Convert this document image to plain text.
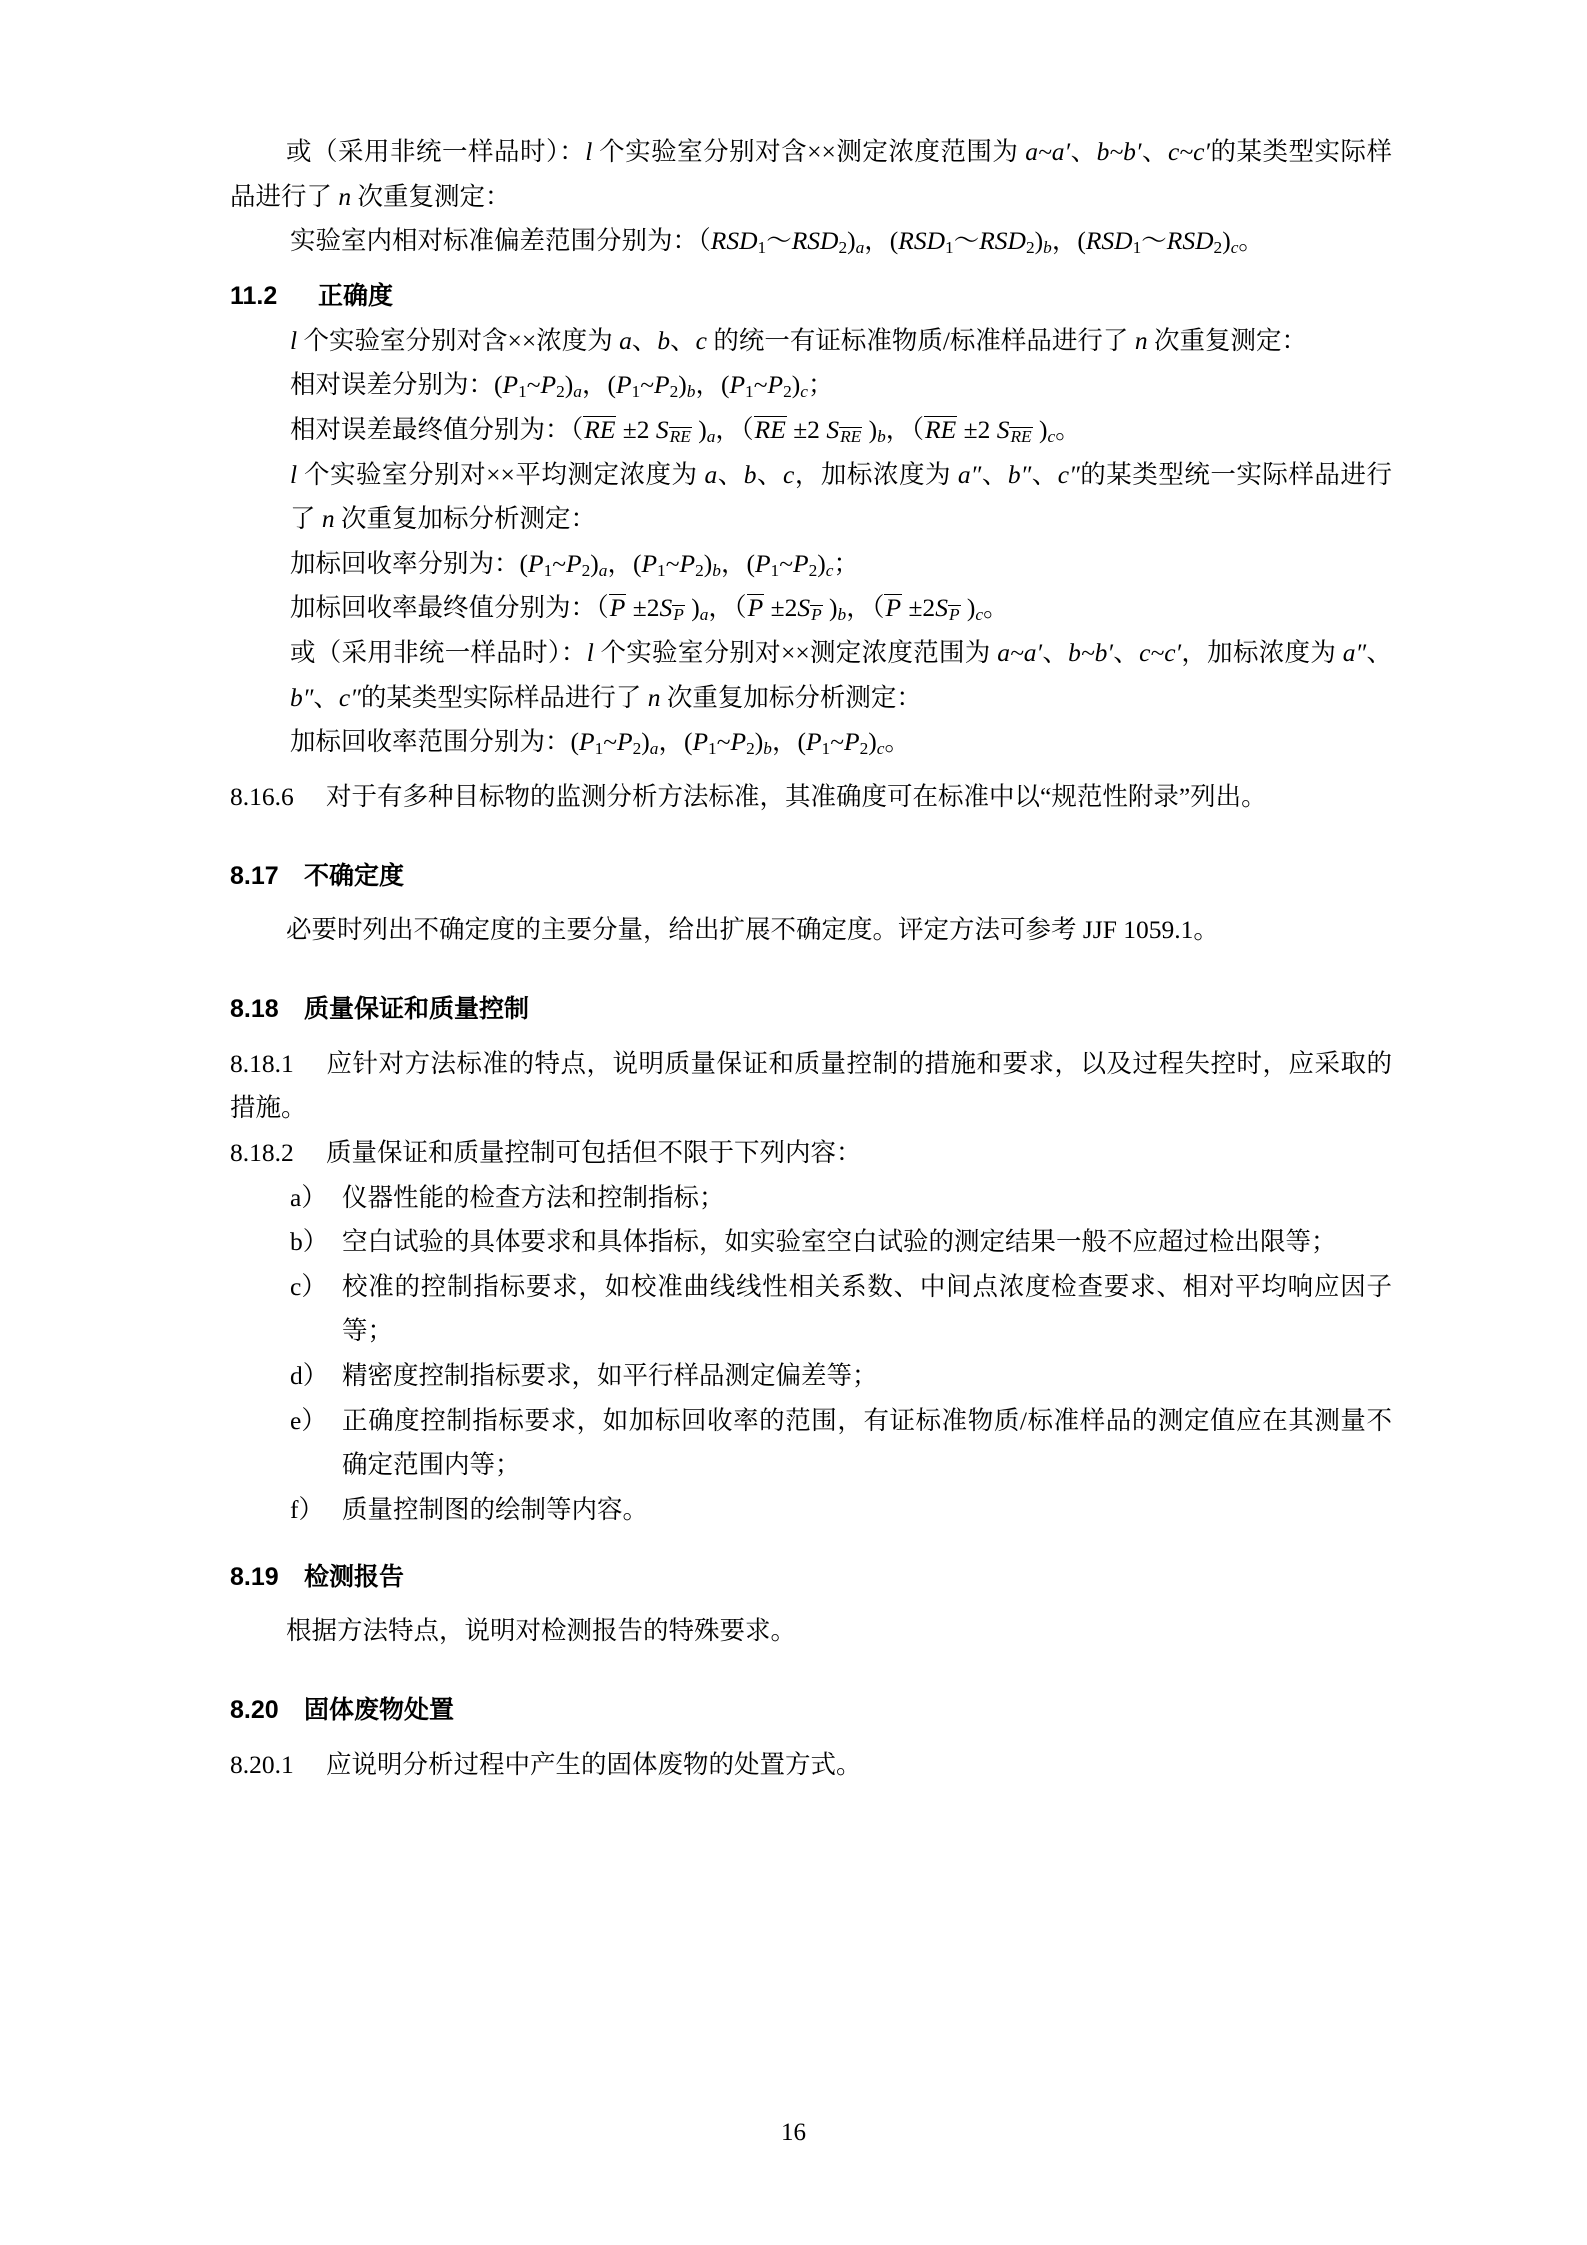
或（采用非统一样品时）：l 个实验室分别对含××测定浓度范围为 a~a′、b~b′、c~c′的某类型实际样品进行了 n 次重复测定：

实验室内相对标准偏差范围分别为：$(RSD_1\sim RSD_2)_a$，$(RSD_1\sim RSD_2)_b$，$(RSD_1\sim RSD_2)_c$。

11.2 正确度

l 个实验室分别对含××浓度为 a、b、c 的统一有证标准物质/标准样品进行了 n 次重复测定：

相对误差分别为：$(P_1\sim P_2)_a$，$(P_1\sim P_2)_b$，$(P_1\sim P_2)_c$；

相对误差最终值分别为：（RE ±2 $S_{RE}$ )$_a$，（RE ±2 $S_{RE}$ )$_b$，（RE ±2 $S_{RE}$ )$_c$。

l 个实验室分别对××平均测定浓度为 a、b、c，加标浓度为 a″、b″、c″的某类型统一实际样品进行了 n 次重复加标分析测定：

加标回收率分别为：$(P_1\sim P_2)_a$，$(P_1\sim P_2)_b$，$(P_1\sim P_2)_c$；

加标回收率最终值分别为：（$P \pm 2S_P$ )$_a$，（$P \pm 2S_P$ )$_b$，（$P \pm 2S_P$ )$_c$。

或（采用非统一样品时）：l 个实验室分别对××测定浓度范围为 a~a′、b~b′、c~c′，加标浓度为 a″、b″、c″的某类型实际样品进行了 n 次重复加标分析测定：

加标回收率范围分别为：$(P_1\sim P_2)_a$，$(P_1\sim P_2)_b$，$(P_1\sim P_2)_c$。

8.16.6 对于有多种目标物的监测分析方法标准，其准确度可在标准中以“规范性附录”列出。

8.17 不确定度

必要时列出不确定度的主要分量，给出扩展不确定度。评定方法可参考 JJF 1059.1。

8.18 质量保证和质量控制

8.18.1 应针对方法标准的特点，说明质量保证和质量控制的措施和要求，以及过程失控时，应采取的措施。

8.18.2 质量保证和质量控制可包括但不限于下列内容：

a） 仪器性能的检查方法和控制指标；

b） 空白试验的具体要求和具体指标，如实验室空白试验的测定结果一般不应超过检出限等；

c） 校准的控制指标要求，如校准曲线线性相关系数、中间点浓度检查要求、相对平均响应因子等；

d） 精密度控制指标要求，如平行样品测定偏差等；

e） 正确度控制指标要求，如加标回收率的范围，有证标准物质/标准样品的测定值应在其测量不确定范围内等；

f） 质量控制图的绘制等内容。

8.19 检测报告

根据方法特点，说明对检测报告的特殊要求。

8.20 固体废物处置

8.20.1 应说明分析过程中产生的固体废物的处置方式。

16
